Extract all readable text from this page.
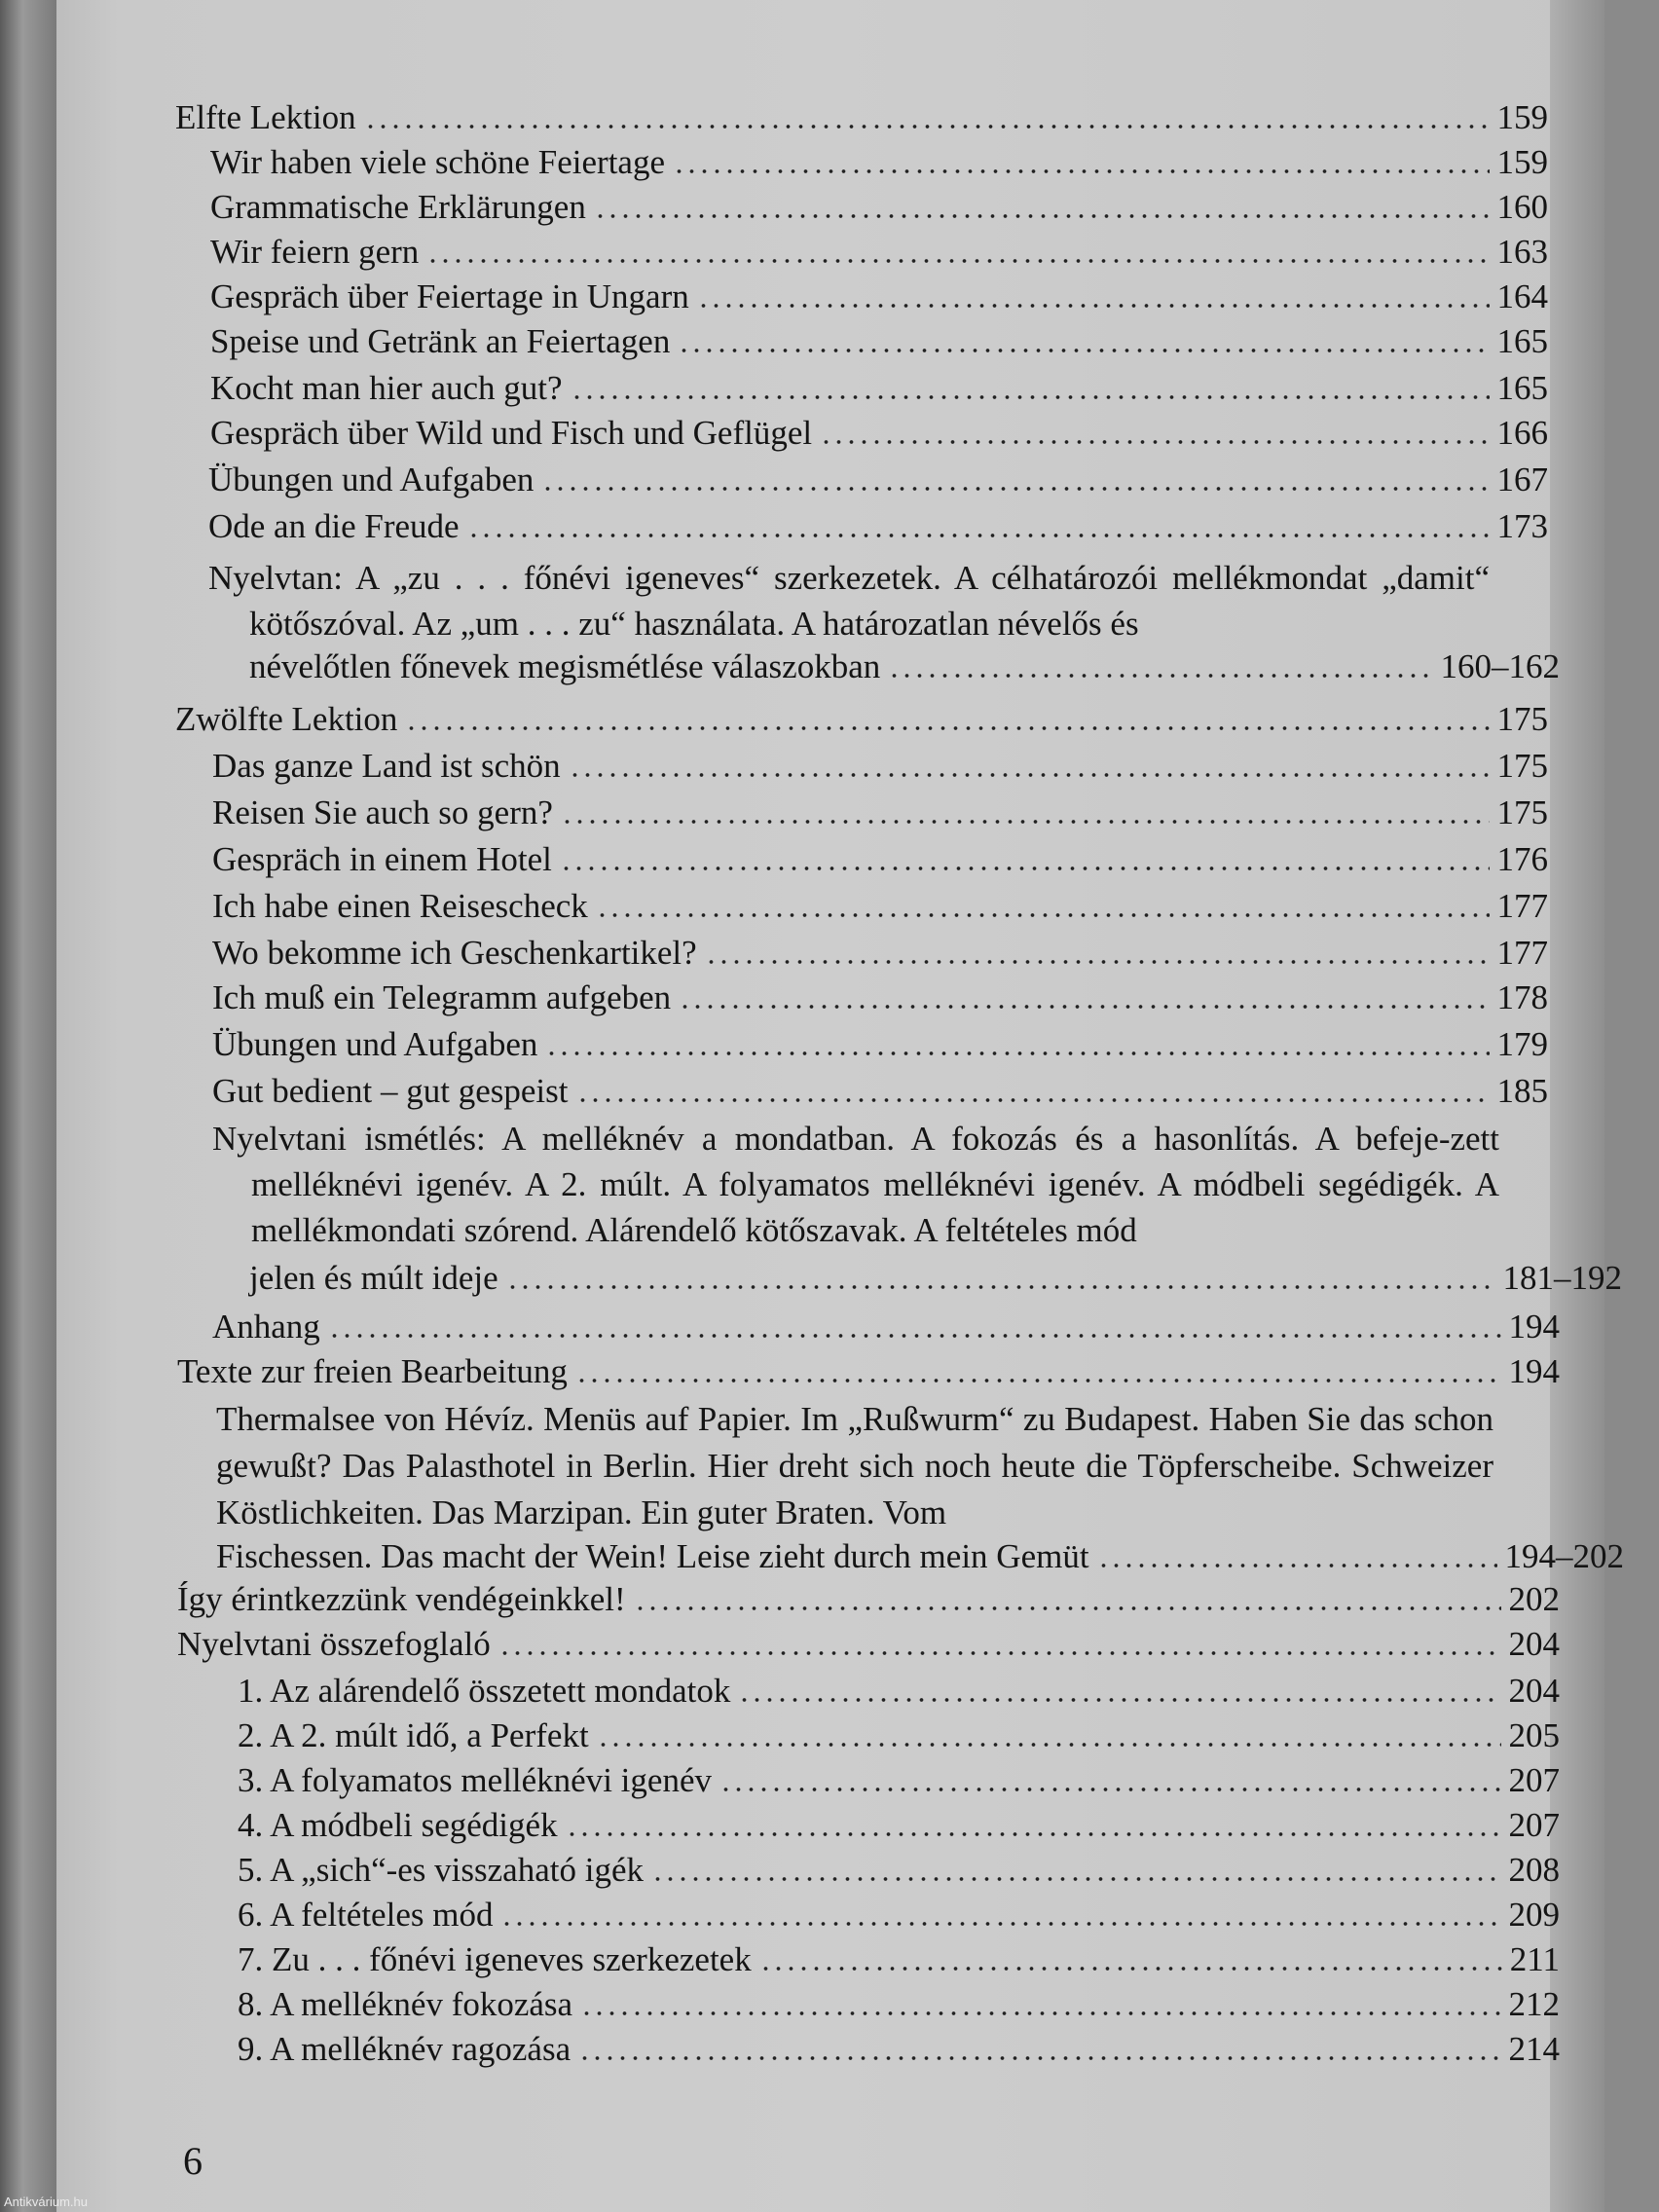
Elfte Lektion	159
Wir haben viele schöne Feiertage	159
Grammatische Erklärungen	160
Wir feiern gern	163
Gespräch über Feiertage in Ungarn	164
Speise und Getränk an Feiertagen	165
Kocht man hier auch gut?	165
Gespräch über Wild und Fisch und Geflügel	166
Übungen und Aufgaben	167
Ode an die Freude	173
Nyelvtan: A „zu . . . főnévi igeneves“ szerkezetek. A célhatározói mellékmondat „damit“ kötőszóval. Az „um . . . zu“ használata. A határozatlan névelős és
névelőtlen főnevek megismétlése válaszokban	160–162
Zwölfte Lektion	175
Das ganze Land ist schön	175
Reisen Sie auch so gern?	175
Gespräch in einem Hotel	176
Ich habe einen Reisescheck	177
Wo bekomme ich Geschenkartikel?	177
Ich muß ein Telegramm aufgeben	178
Übungen und Aufgaben	179
Gut bedient – gut gespeist	185
Nyelvtani ismétlés: A melléknév a mondatban. A fokozás és a hasonlítás. A befeje-zett melléknévi igenév. A 2. múlt. A folyamatos melléknévi igenév. A módbeli segédigék. A mellékmondati szórend. Alárendelő kötőszavak. A feltételes mód
jelen és múlt ideje	181–192
Anhang	194
Texte zur freien Bearbeitung	194
Thermalsee von Hévíz. Menüs auf Papier. Im „Rußwurm“ zu Budapest. Haben Sie das schon gewußt? Das Palasthotel in Berlin. Hier dreht sich noch heute die Töpferscheibe. Schweizer Köstlichkeiten. Das Marzipan. Ein guter Braten. Vom
Fischessen. Das macht der Wein! Leise zieht durch mein Gemüt	194–202
Így érintkezzünk vendégeinkkel!	202
Nyelvtani összefoglaló	204
1. Az alárendelő összetett mondatok	204
2. A 2. múlt idő, a Perfekt	205
3. A folyamatos melléknévi igenév	207
4. A módbeli segédigék	207
5. A „sich“-es visszaható igék	208
6. A feltételes mód	209
7. Zu . . . főnévi igeneves szerkezetek	211
8. A melléknév fokozása	212
9. A melléknév ragozása	214
6
Antikvárium.hu
